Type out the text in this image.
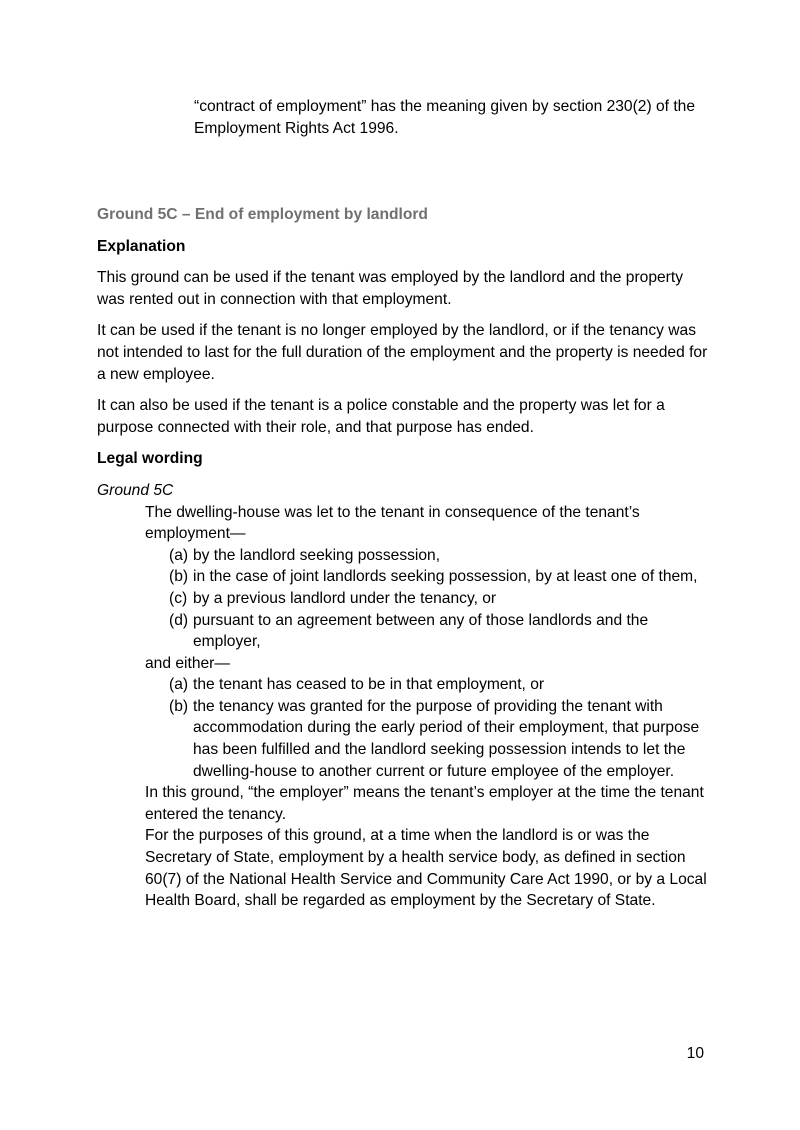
“contract of employment” has the meaning given by section 230(2) of the Employment Rights Act 1996.

Ground 5C – End of employment by landlord

Explanation

This ground can be used if the tenant was employed by the landlord and the property was rented out in connection with that employment.

It can be used if the tenant is no longer employed by the landlord, or if the tenancy was not intended to last for the full duration of the employment and the property is needed for a new employee.

It can also be used if the tenant is a police constable and the property was let for a purpose connected with their role, and that purpose has ended.

Legal wording

Ground 5C

The dwelling-house was let to the tenant in consequence of the tenant’s employment—

(a) by the landlord seeking possession,
(b) in the case of joint landlords seeking possession, by at least one of them,
(c) by a previous landlord under the tenancy, or
(d) pursuant to an agreement between any of those landlords and the employer,

and either—

(a) the tenant has ceased to be in that employment, or
(b) the tenancy was granted for the purpose of providing the tenant with accommodation during the early period of their employment, that purpose has been fulfilled and the landlord seeking possession intends to let the dwelling-house to another current or future employee of the employer.

In this ground, “the employer” means the tenant’s employer at the time the tenant entered the tenancy.

For the purposes of this ground, at a time when the landlord is or was the Secretary of State, employment by a health service body, as defined in section 60(7) of the National Health Service and Community Care Act 1990, or by a Local Health Board, shall be regarded as employment by the Secretary of State.

10
